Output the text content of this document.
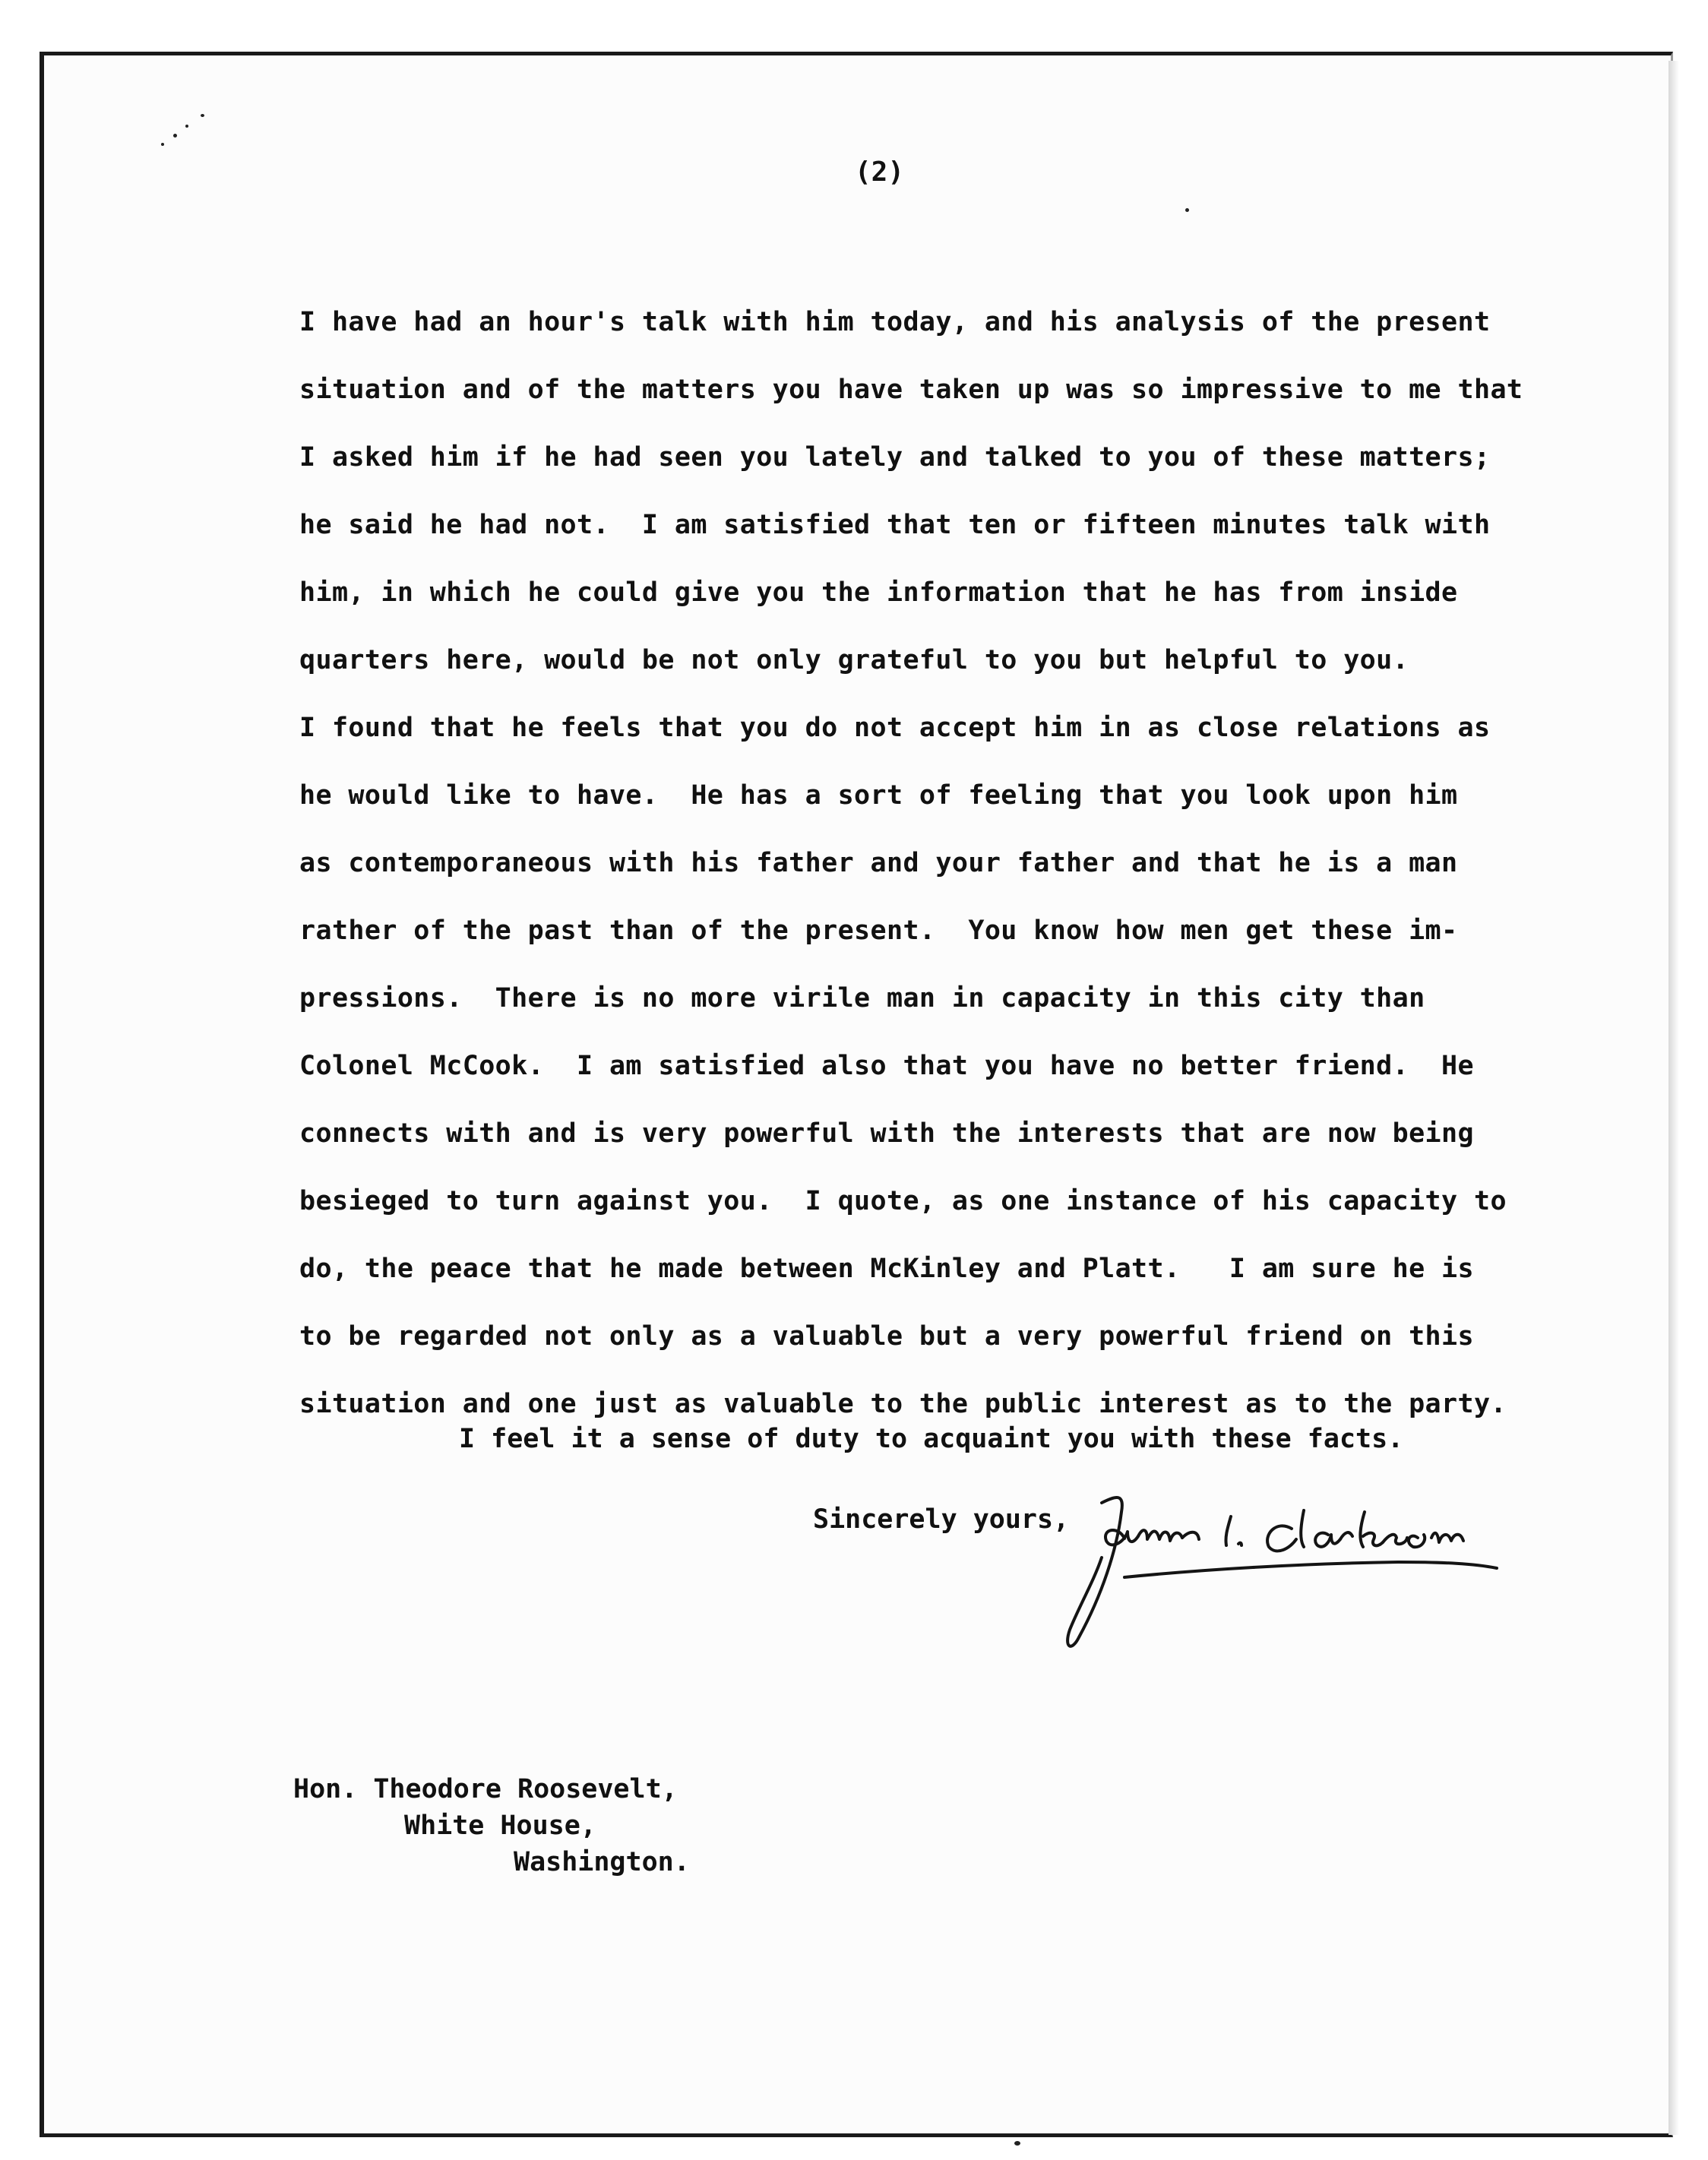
(2)
I have had an hour's talk with him today, and his analysis of the present
situation and of the matters you have taken up was so impressive to me that
I asked him if he had seen you lately and talked to you of these matters;
he said he had not.  I am satisfied that ten or fifteen minutes talk with
him, in which he could give you the information that he has from inside
quarters here, would be not only grateful to you but helpful to you.
I found that he feels that you do not accept him in as close relations as
he would like to have.  He has a sort of feeling that you look upon him
as contemporaneous with his father and your father and that he is a man
rather of the past than of the present.  You know how men get these im-
pressions.  There is no more virile man in capacity in this city than
Colonel McCook.  I am satisfied also that you have no better friend.  He
connects with and is very powerful with the interests that are now being
besieged to turn against you.  I quote, as one instance of his capacity to
do, the peace that he made between McKinley and Platt.   I am sure he is
to be regarded not only as a valuable but a very powerful friend on this
situation and one just as valuable to the public interest as to the party.
I feel it a sense of duty to acquaint you with these facts.
Sincerely yours,
Hon. Theodore Roosevelt,
White House,
Washington.
